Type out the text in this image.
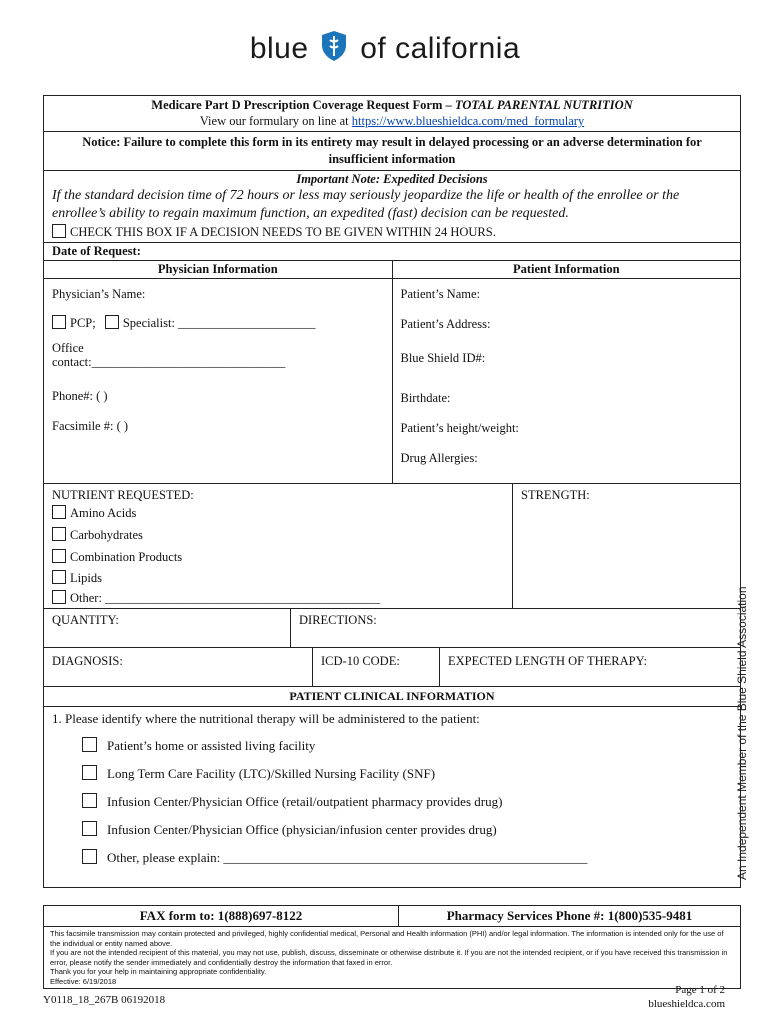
blue of california
An Independent Member of the Blue Shield Association
Medicare Part D Prescription Coverage Request Form – TOTAL PARENTAL NUTRITION
View our formulary on line at https://www.blueshieldca.com/med_formulary
Notice: Failure to complete this form in its entirety may result in delayed processing or an adverse determination for insufficient information
Important Note: Expedited Decisions
If the standard decision time of 72 hours or less may seriously jeopardize the life or health of the enrollee or the enrollee’s ability to regain maximum function, an expedited (fast) decision can be requested.
CHECK THIS BOX IF A DECISION NEEDS TO BE GIVEN WITHIN 24 HOURS.
Date of Request:
Physician Information	Patient Information
Physician’s Name:
PCP; Specialist: ______________________
Office
contact:_______________________________
Phone#: ( )
Facsimile #: ( )
Patient’s Name:
Patient’s Address:
Blue Shield ID#:
Birthdate:
Patient’s height/weight:
Drug Allergies:
NUTRIENT REQUESTED:
Amino Acids
Carbohydrates
Combination Products
Lipids
Other: ____________________________________________
STRENGTH:
QUANTITY:	DIRECTIONS:
DIAGNOSIS:	ICD-10 CODE:	EXPECTED LENGTH OF THERAPY:
PATIENT CLINICAL INFORMATION
1. Please identify where the nutritional therapy will be administered to the patient:
Patient’s home or assisted living facility
Long Term Care Facility (LTC)/Skilled Nursing Facility (SNF)
Infusion Center/Physician Office (retail/outpatient pharmacy provides drug)
Infusion Center/Physician Office (physician/infusion center provides drug)
Other, please explain: ________________________________________________________
FAX form to: 1(888)697-8122	Pharmacy Services Phone #: 1(800)535-9481
This facsimile transmission may contain protected and privileged, highly confidential medical, Personal and Health information (PHI) and/or legal information. The information is intended only for the use of the individual or entity named above.
If you are not the intended recipient of this material, you may not use, publish, discuss, disseminate or otherwise distribute it. If you are not the intended recipient, or if you have received this transmission in error, please notify the sender immediately and confidentially destroy the information that faxed in error.
Thank you for your help in maintaining appropriate confidentiality.
Effective: 6/19/2018
Y0118_18_267B 06192018
Page 1 of 2
blueshieldca.com
